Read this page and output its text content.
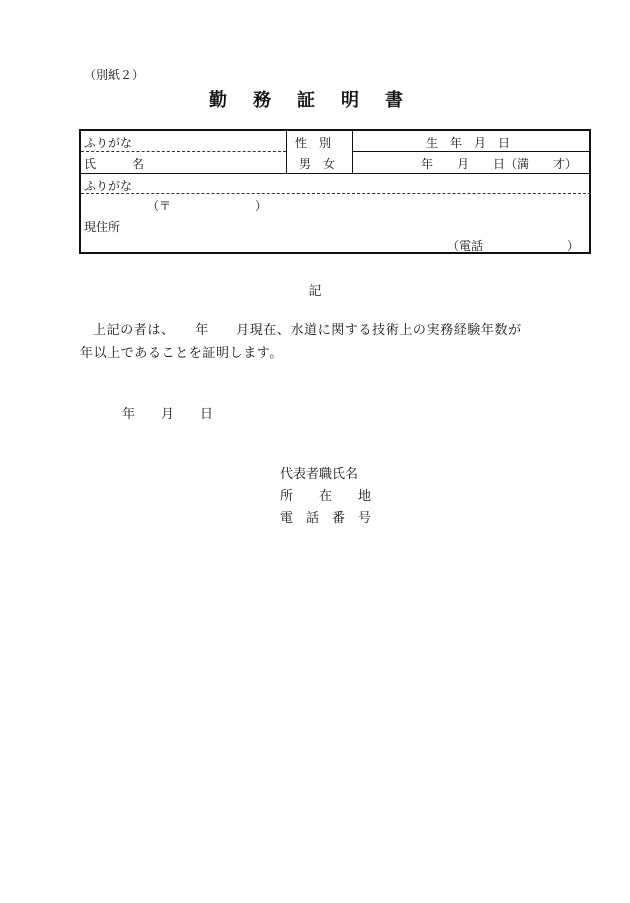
（別紙２）
勤務証明書
ふりがな
氏　　　名
性　別
男　女
生　年　月　日
年　　月　　日（満　　才）
ふりがな
（〒　　　　　　　）
現住所
（電話　　　　　　　）
記
上記の者は、　　年　　月現在、水道に関する技術上の実務経験年数が
年以上であることを証明します。
年　　月　　日
代表者職氏名
所　　在　　地
電　話　番　号
